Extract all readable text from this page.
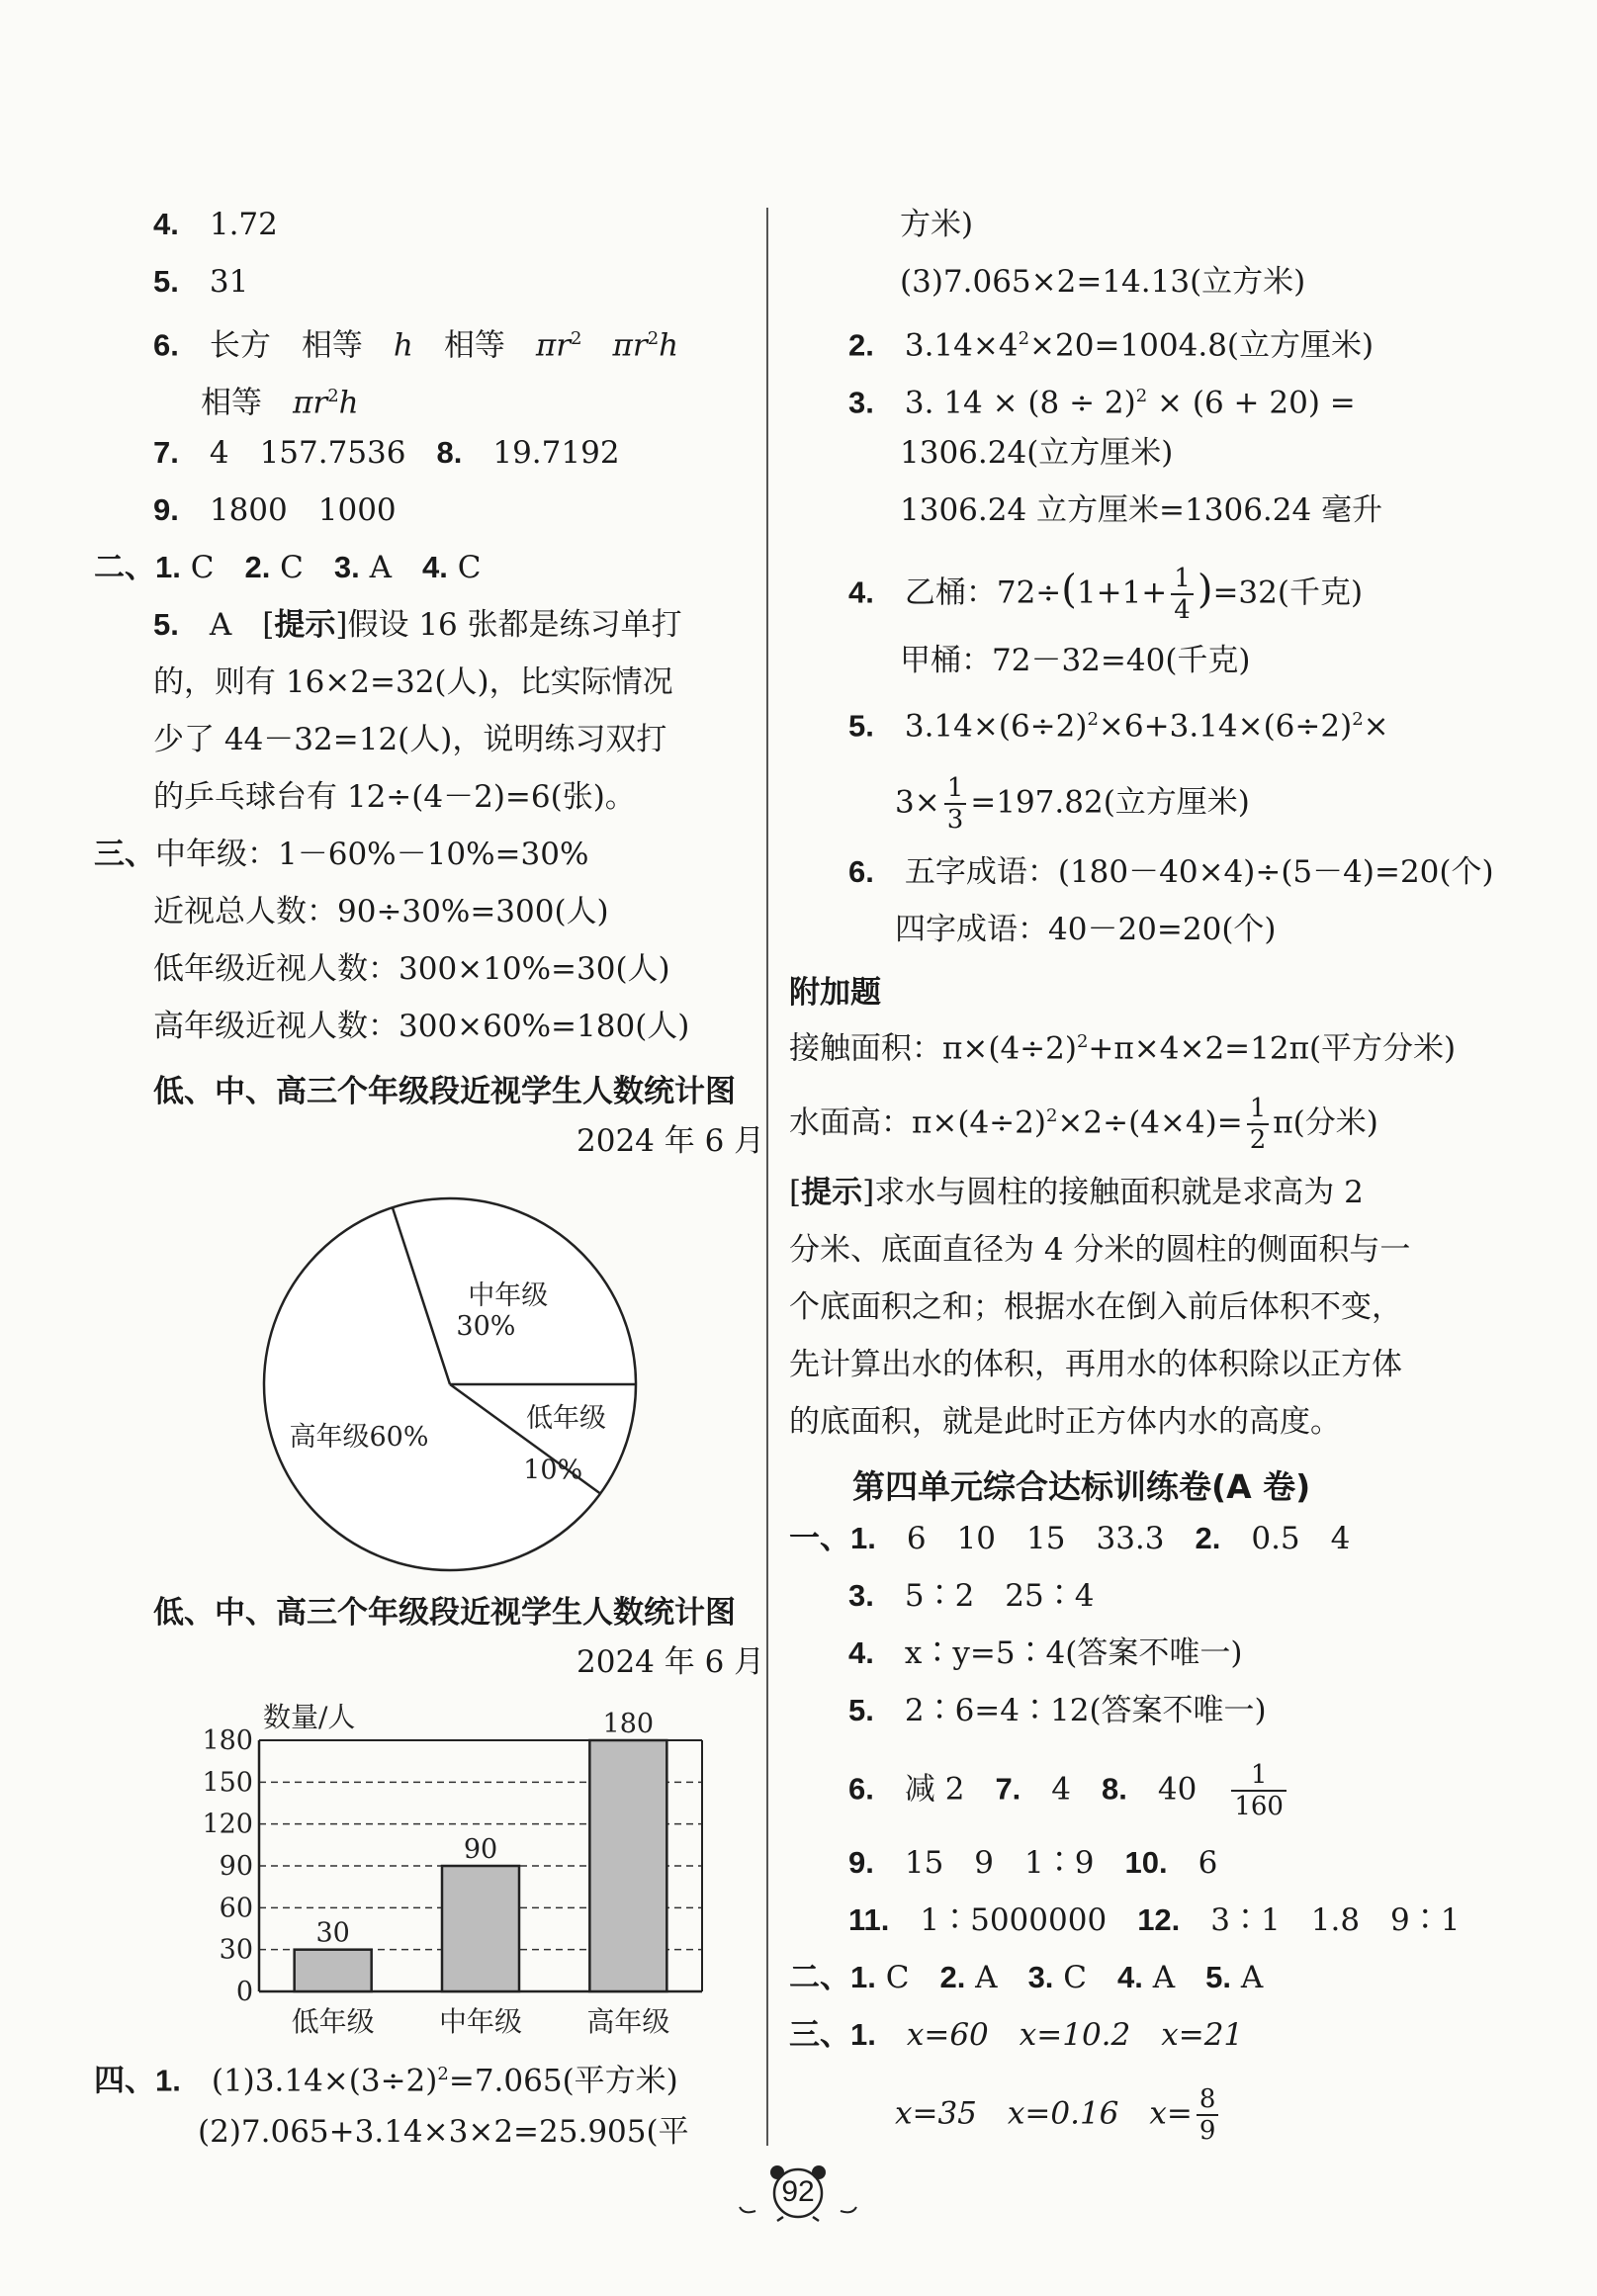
4.　 1.72
5.　 31
6.　 长方　 相等　 h　 相等　 $\pi r^2$　 $\pi r^2h$
相等　 $\pi r^2h$
7.　 4　157.7536　 8.　 19.7192
9.　 1800　1000
二、1. C　 2. C　 3. A　 4. C
5.　 A　[提示]假设 16 张都是练习单打
的，则有 16×2=32(人)，比实际情况
少了 44－32=12(人)，说明练习双打
的乒乓球台有 12÷(4－2)=6(张)。
三、中年级：1－60%－10%=30%
近视总人数：90÷30%=300(人)
低年级近视人数：300×10%=30(人)
高年级近视人数：300×60%=180(人)
低、中、高三个年级段近视学生人数统计图
2024 年 6 月
中年级
30%
低年级
10%
高年级60%
低、中、高三个年级段近视学生人数统计图
2024 年 6 月
数量/人
0
30
60
90
120
150
180
30
低年级
90
中年级
180
高年级
四、1.　 $(1)3.14\times(3\div 2)^2=7.065$(平方米)
(2)7.065+3.14×3×2=25.905(平
方米)
(3)7.065×2=14.13(立方米)
2.　 $3.14\times 4^2\times 20=1004.8$(立方厘米)
3.　 3. $14 \times (8 \div 2)^2 \times (6 + 20)$ =
1306.24(立方厘米)
1306.24 立方厘米=1306.24 毫升
4.　 乙桶：$72\div(1+1+ \frac{1}{4} )=32$(千克)
甲桶：72－32=40(千克)
5.　 $3.14\times(6\div 2)^2\times 6+3.14\times(6\div 2)^2\times$
$3\times \frac{1}{3} =197.82$(立方厘米)
6.　 五字成语：(180－40×4)÷(5－4)=20(个)
四字成语：40－20=20(个)
附加题
接触面积：$\pi\times(4\div 2)^2+\pi\times 4\times 2=12\pi$(平方分米)
水面高：$\pi\times(4\div 2)^2\times 2\div(4\times 4)= \frac{1}{2} \pi$(分米)
[提示]求水与圆柱的接触面积就是求高为 2
分米、底面直径为 4 分米的圆柱的侧面积与一
个底面积之和；根据水在倒入前后体积不变，
先计算出水的体积，再用水的体积除以正方体
的底面积，就是此时正方体内水的高度。
第四单元综合达标训练卷(A 卷)
一、1.　 6　10　15　33.3　 2.　 0.5　4
3.　 5∶2　25∶4
4.　 x∶y=5∶4(答案不唯一)
5.　 2∶6=4∶12(答案不唯一)
6.　 减 2　 7.　 4　 8.　 40　 $\frac{1}{160}$
9.　 15　9　1∶9　 10.　 6
11.　 1∶5000000　 12.　 3∶1　1.8　9∶1
二、1. C　 2. A　 3. C　 4. A　 5. A
三、1.　 x=60　x=10.2　x=21
x=35　x=0.16　$x= \frac{8}{9}$
92
